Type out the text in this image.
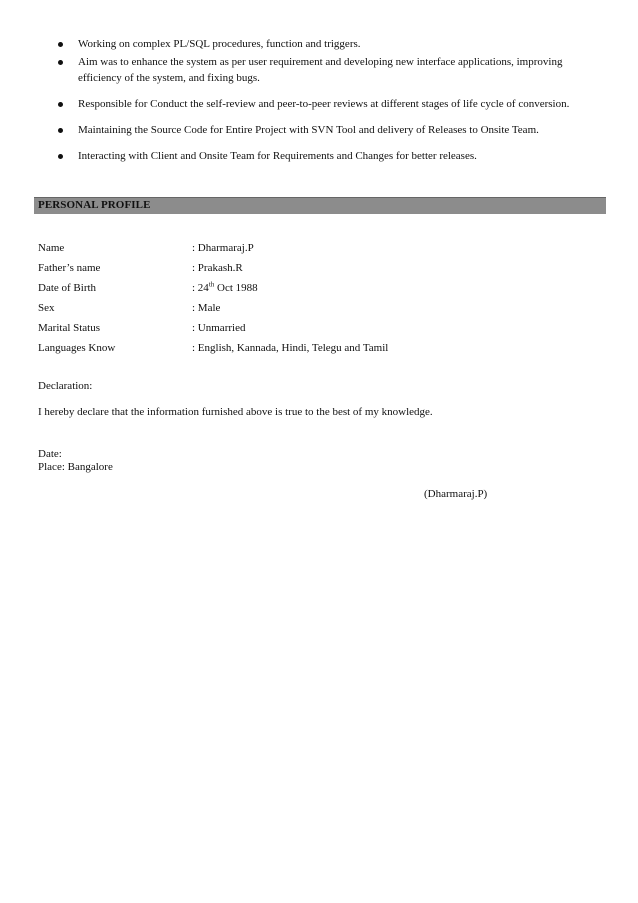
Working on complex PL/SQL procedures, function and triggers.
Aim was to enhance the system as per user requirement and developing new interface applications, improving efficiency of the system, and fixing bugs.
Responsible for Conduct the self-review and peer-to-peer reviews at different stages of life cycle of conversion.
Maintaining the Source Code for Entire Project with SVN Tool and delivery of Releases to Onsite Team.
Interacting with Client and Onsite Team for Requirements and Changes for better releases.
PERSONAL PROFILE
Name	: Dharmaraj.P
Father’s name	: Prakash.R
Date of Birth	: 24th Oct 1988
Sex	: Male
Marital Status	: Unmarried
Languages Know	: English, Kannada, Hindi, Telegu and Tamil
Declaration:
I hereby declare that the information furnished above is true to the best of my knowledge.
Date:
Place: Bangalore
(Dharmaraj.P)
